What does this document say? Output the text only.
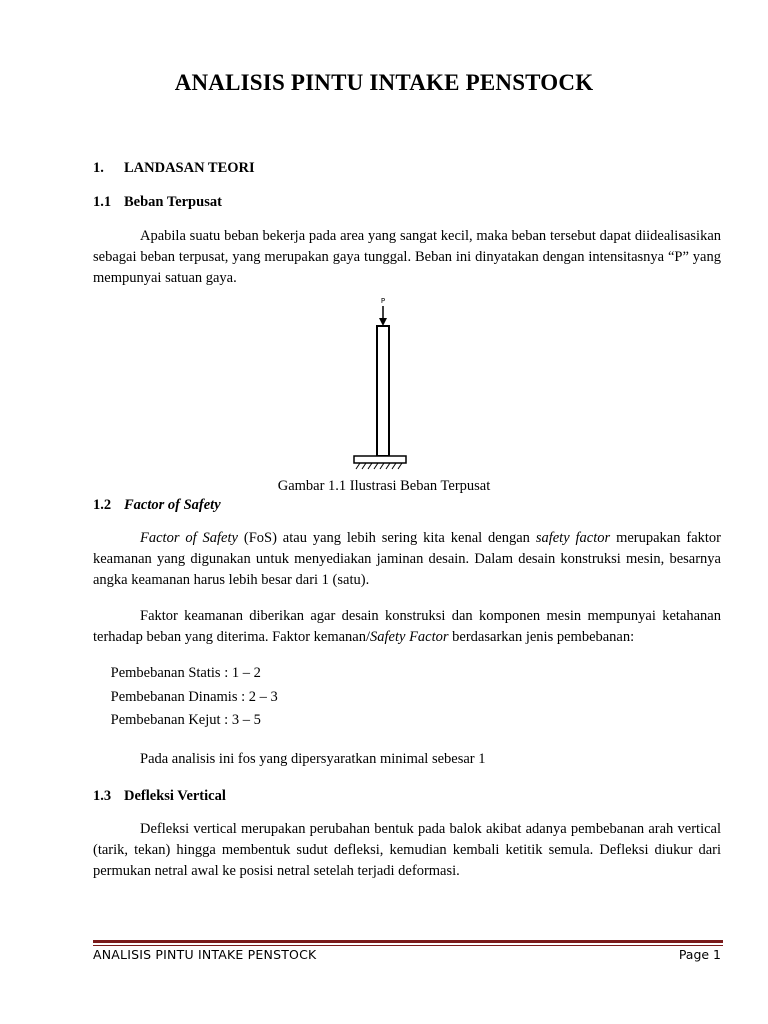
ANALISIS PINTU INTAKE PENSTOCK
1. LANDASAN TEORI
1.1 Beban Terpusat

Apabila suatu beban bekerja pada area yang sangat kecil, maka beban tersebut dapat diidealisasikan sebagai beban terpusat, yang merupakan gaya tunggal. Beban ini dinyatakan dengan intensitasnya “P” yang mempunyai satuan gaya.

P
Gambar 1.1 Ilustrasi Beban Terpusat
1.2 Factor of Safety

Factor of Safety (FoS) atau yang lebih sering kita kenal dengan safety factor merupakan faktor keamanan yang digunakan untuk menyediakan jaminan desain. Dalam desain konstruksi mesin, besarnya angka keamanan harus lebih besar dari 1 (satu).

Faktor keamanan diberikan agar desain konstruksi dan komponen mesin mempunyai ketahanan terhadap beban yang diterima. Faktor kemanan/Safety Factor berdasarkan jenis pembebanan:

Pembebanan Statis : 1 – 2
Pembebanan Dinamis : 2 – 3
Pembebanan Kejut : 3 – 5
Pada analisis ini fos yang dipersyaratkan minimal sebesar 1
1.3 Defleksi Vertical

Defleksi vertical merupakan perubahan bentuk pada balok akibat adanya pembebanan arah vertical (tarik, tekan) hingga membentuk sudut defleksi, kemudian kembali ketitik semula. Defleksi diukur dari permukan netral awal ke posisi netral setelah terjadi deformasi.

ANALISIS PINTU INTAKE PENSTOCK	Page 1
